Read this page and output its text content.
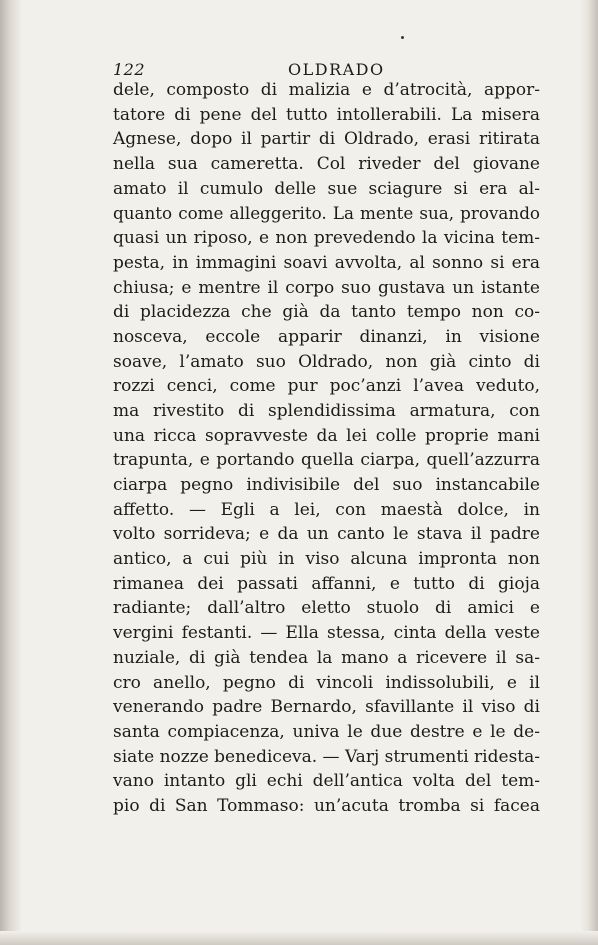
122	OLDRADO
dele, composto di malizia e d’atrocità, appor-
tatore di pene del tutto intollerabili. La misera
Agnese, dopo il partir di Oldrado, erasi ritirata
nella sua cameretta. Col riveder del giovane
amato il cumulo delle sue sciagure si era al-
quanto come alleggerito. La mente sua, provando
quasi un riposo, e non prevedendo la vicina tem-
pesta, in immagini soavi avvolta, al sonno si era
chiusa; e mentre il corpo suo gustava un istante
di placidezza che già da tanto tempo non co-
nosceva, eccole apparir dinanzi, in visione
soave, l’amato suo Oldrado, non già cinto di
rozzi cenci, come pur poc’anzi l’avea veduto,
ma rivestito di splendidissima armatura, con
una ricca sopravveste da lei colle proprie mani
trapunta, e portando quella ciarpa, quell’azzurra
ciarpa pegno indivisibile del suo instancabile
affetto. — Egli a lei, con maestà dolce, in
volto sorrideva; e da un canto le stava il padre
antico, a cui più in viso alcuna impronta non
rimanea dei passati affanni, e tutto di gioja
radiante; dall’altro eletto stuolo di amici e
vergini festanti. — Ella stessa, cinta della veste
nuziale, di già tendea la mano a ricevere il sa-
cro anello, pegno di vincoli indissolubili, e il
venerando padre Bernardo, sfavillante il viso di
santa compiacenza, univa le due destre e le de-
siate nozze benediceva. — Varj strumenti ridesta-
vano intanto gli echi dell’antica volta del tem-
pio di San Tommaso: un’acuta tromba si facea
